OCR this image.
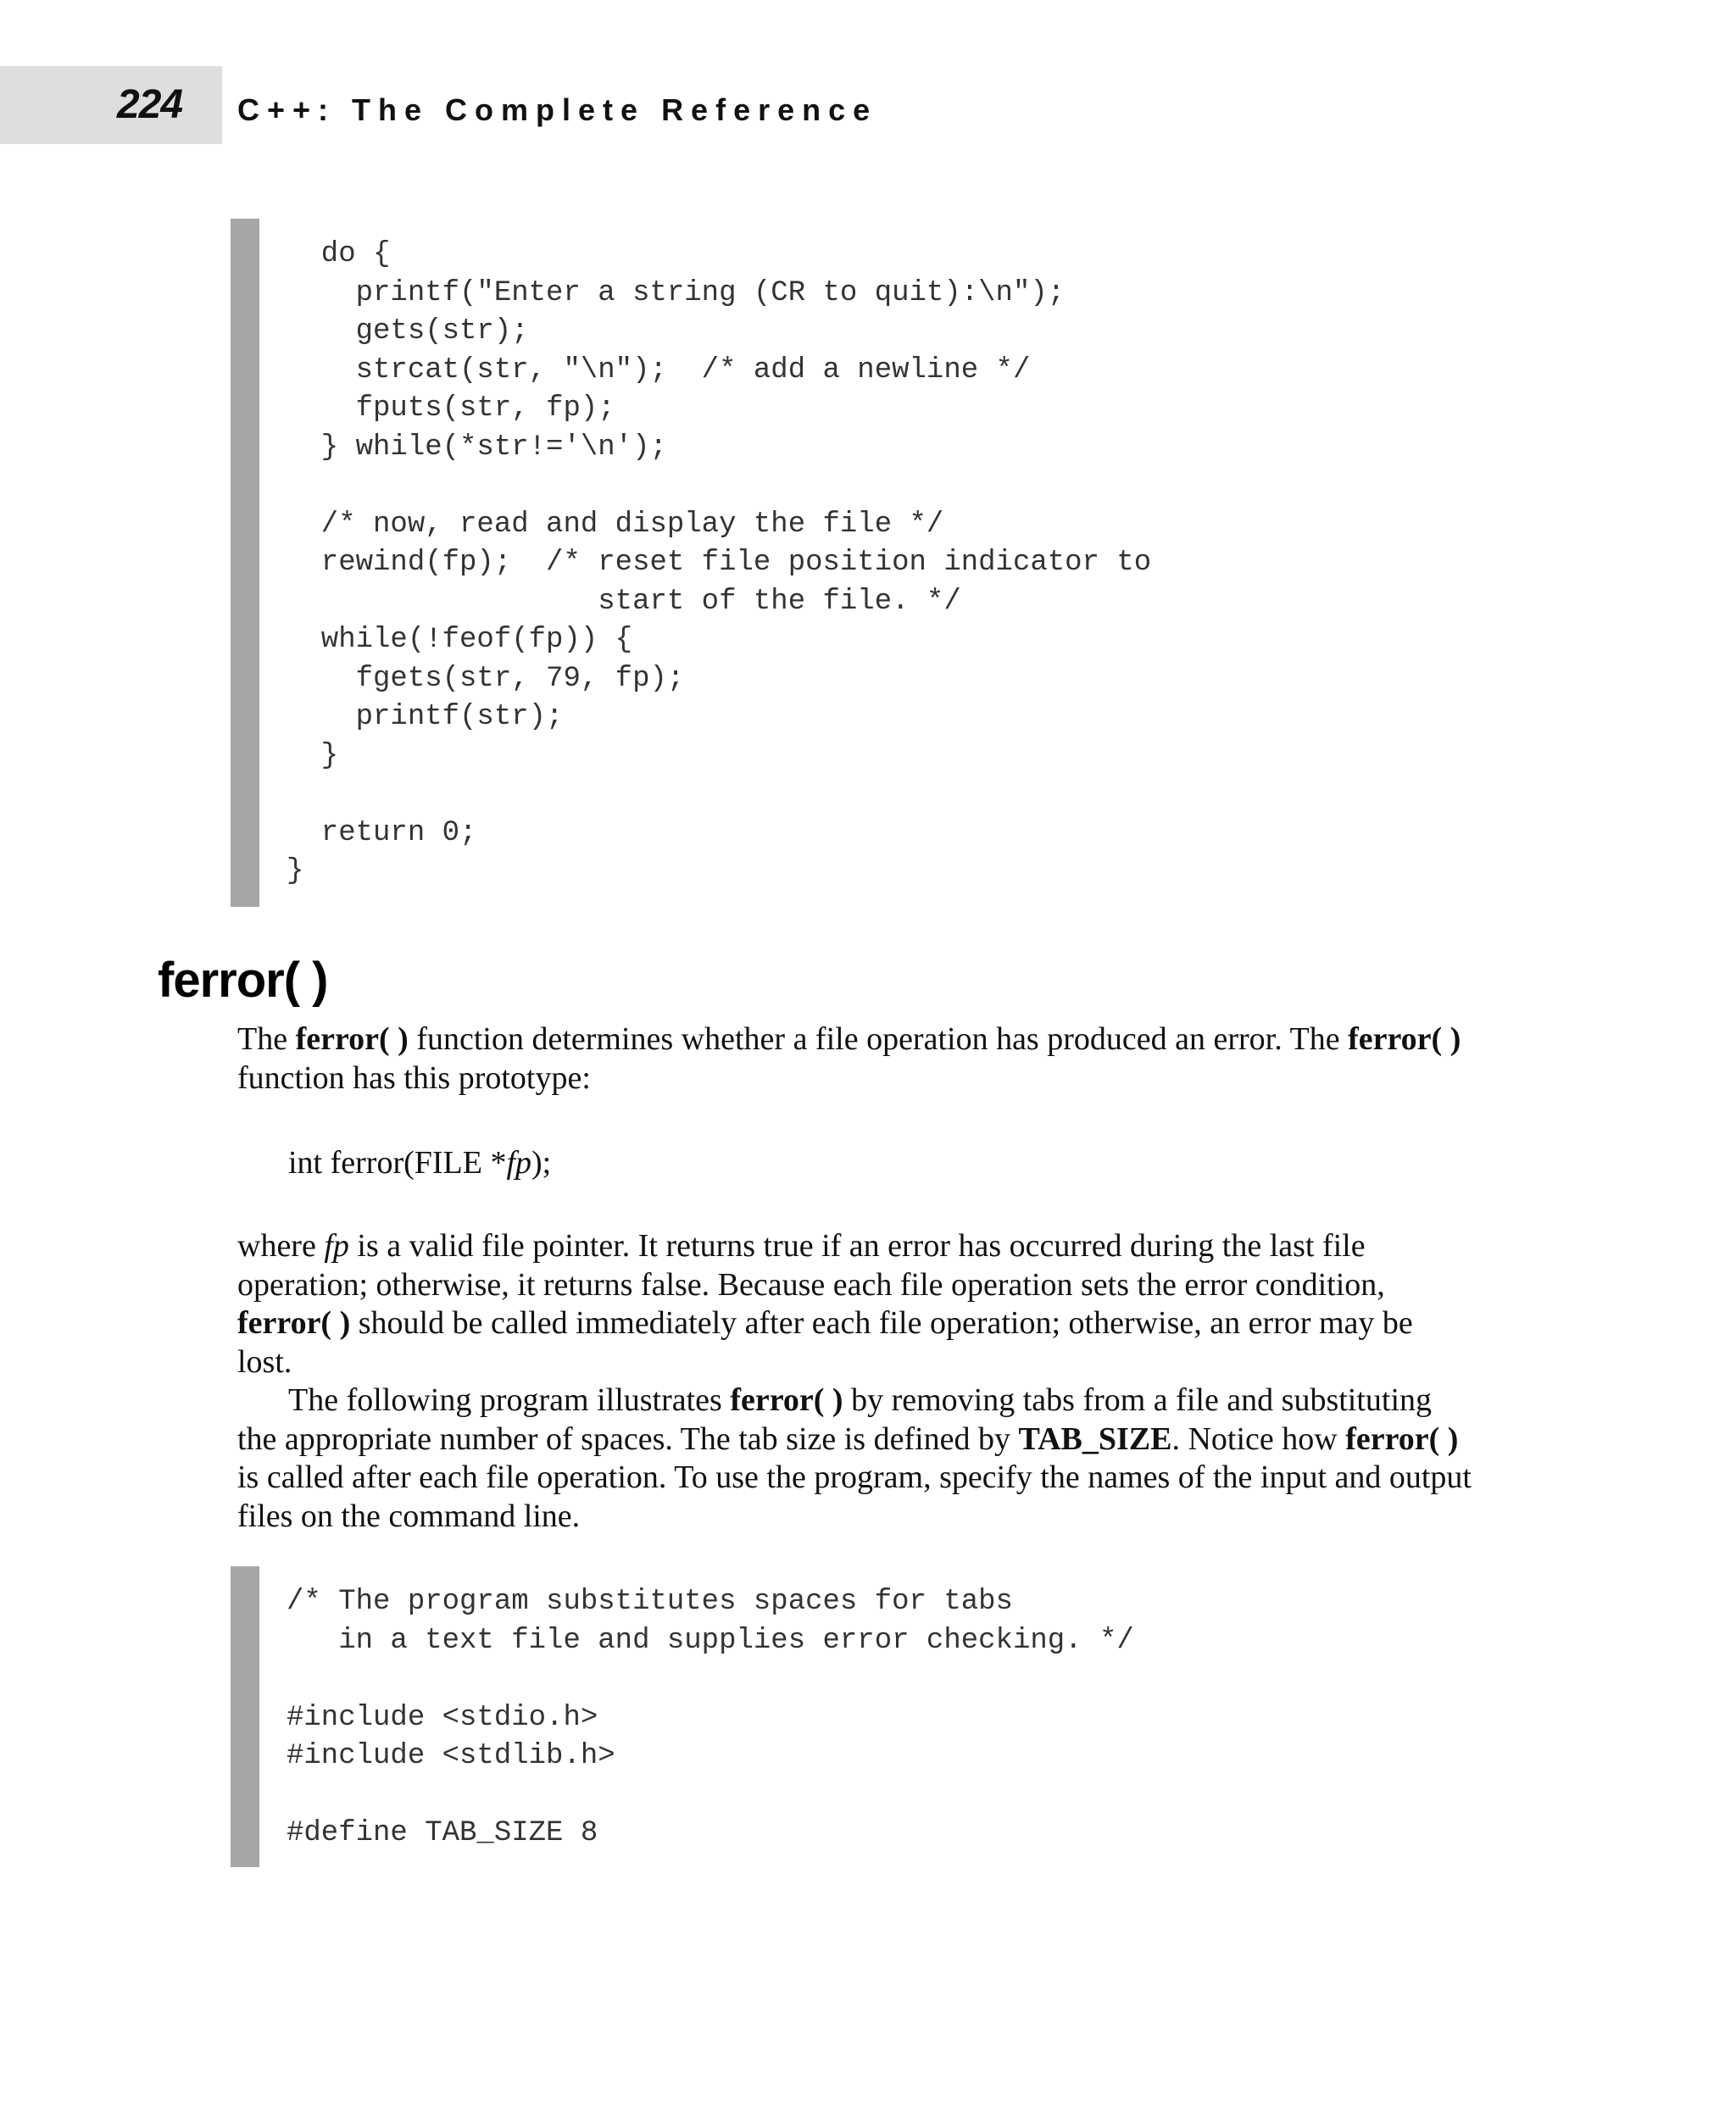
224 C++: The Complete Reference
do {
printf("Enter a string (CR to quit):\n");
gets(str);
strcat(str, "\n");  /* add a newline */
fputs(str, fp);
} while(*str!='\n');

/* now, read and display the file */
rewind(fp);  /* reset file position indicator to
start of the file. */
while(!feof(fp)) {
fgets(str, 79, fp);
printf(str);
}

return 0;
}
ferror( )

The ferror( ) function determines whether a file operation has produced an error. The ferror( ) function has this prototype:

int ferror(FILE *fp);

where fp is a valid file pointer. It returns true if an error has occurred during the last file operation; otherwise, it returns false. Because each file operation sets the error condition, ferror( ) should be called immediately after each file operation; otherwise, an error may be lost.

The following program illustrates ferror( ) by removing tabs from a file and substituting the appropriate number of spaces. The tab size is defined by TAB_SIZE. Notice how ferror( ) is called after each file operation. To use the program, specify the names of the input and output files on the command line.

/* The program substitutes spaces for tabs
in a text file and supplies error checking. */

#include <stdio.h>
#include <stdlib.h>

#define TAB_SIZE 8
